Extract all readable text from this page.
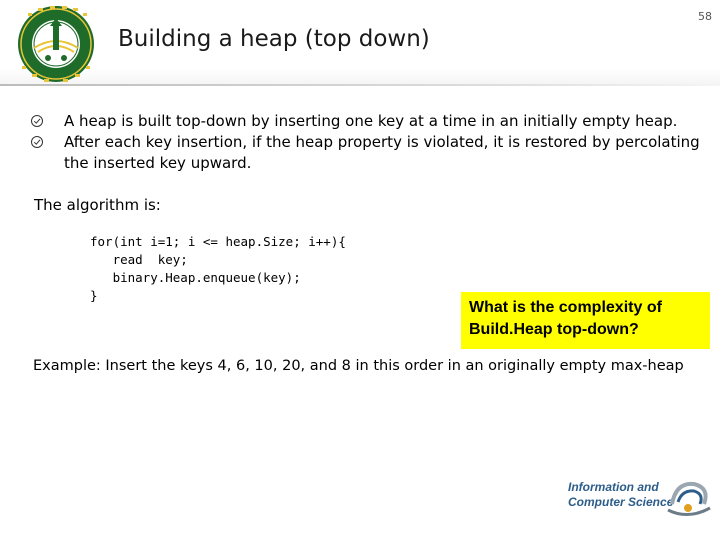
Building a heap (top down)
58
A heap is built top-down by inserting one key at a time in an initially empty heap.
After each key insertion, if the heap property is violated, it is restored by percolating the inserted key upward.
The algorithm is:
for(int i=1; i <= heap.Size; i++){
read  key;
binary.Heap.enqueue(key);
}
What is the complexity of Build.Heap top-down?
Example: Insert the keys 4, 6, 10, 20, and 8 in this order in an originally empty max-heap
Information and
Computer Science
